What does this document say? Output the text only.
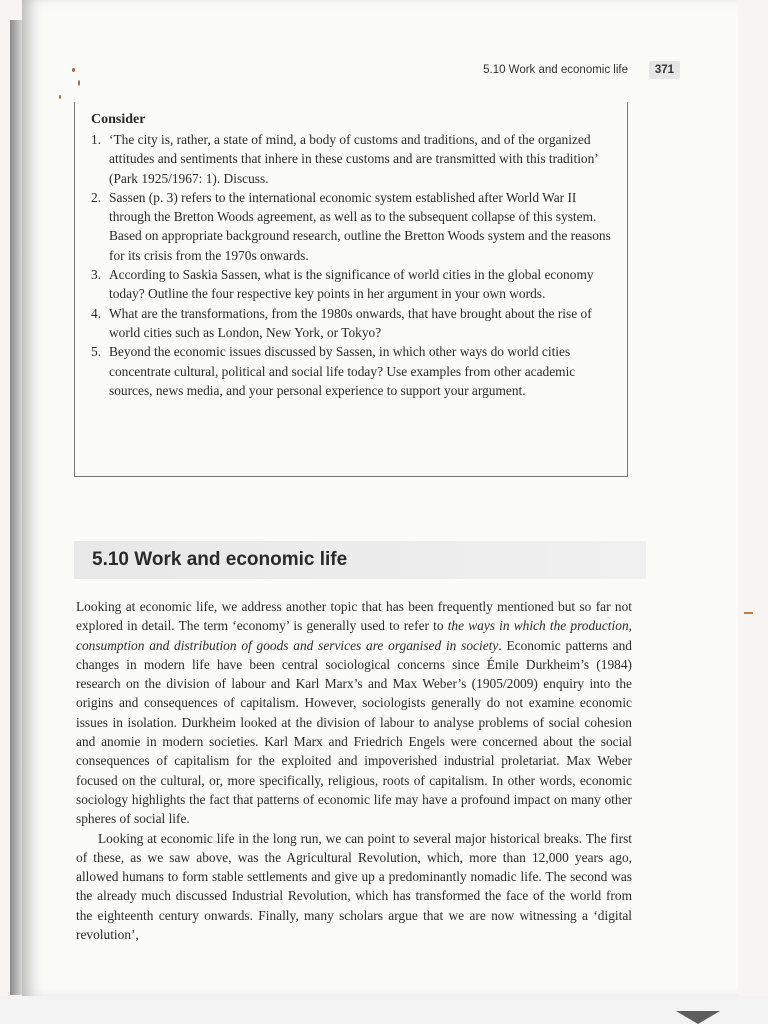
5.10 Work and economic life	371
Consider
1. ‘The city is, rather, a state of mind, a body of customs and traditions, and of the organized attitudes and sentiments that inhere in these customs and are transmitted with this tradition’ (Park 1925/1967: 1). Discuss.
2. Sassen (p. 3) refers to the international economic system established after World War II through the Bretton Woods agreement, as well as to the subsequent collapse of this system. Based on appropriate background research, outline the Bretton Woods system and the reasons for its crisis from the 1970s onwards.
3. According to Saskia Sassen, what is the significance of world cities in the global economy today? Outline the four respective key points in her argument in your own words.
4. What are the transformations, from the 1980s onwards, that have brought about the rise of world cities such as London, New York, or Tokyo?
5. Beyond the economic issues discussed by Sassen, in which other ways do world cities concentrate cultural, political and social life today? Use examples from other academic sources, news media, and your personal experience to support your argument.
5.10 Work and economic life

Looking at economic life, we address another topic that has been frequently mentioned but so far not explored in detail. The term ‘economy’ is generally used to refer to the ways in which the production, consumption and distribution of goods and services are organised in society. Economic patterns and changes in modern life have been central sociological concerns since Émile Durkheim’s (1984) research on the division of labour and Karl Marx’s and Max Weber’s (1905/2009) enquiry into the origins and consequences of capitalism. However, sociologists generally do not examine economic issues in isolation. Durkheim looked at the division of labour to analyse problems of social cohesion and anomie in modern societies. Karl Marx and Friedrich Engels were concerned about the social consequences of capitalism for the exploited and impoverished industrial proletariat. Max Weber focused on the cultural, or, more specifically, religious, roots of capitalism. In other words, economic sociology highlights the fact that patterns of economic life may have a profound impact on many other spheres of social life.

Looking at economic life in the long run, we can point to several major historical breaks. The first of these, as we saw above, was the Agricultural Revolution, which, more than 12,000 years ago, allowed humans to form stable settlements and give up a predominantly nomadic life. The second was the already much discussed Industrial Revolution, which has transformed the face of the world from the eighteenth century onwards. Finally, many scholars argue that we are now witnessing a ‘digital revolution’,
